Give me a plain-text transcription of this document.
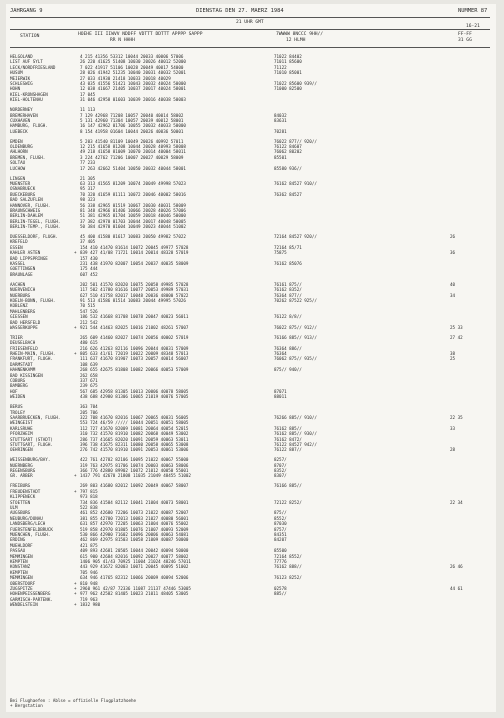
JAHRGANG 9	DIENSTAG DEN 27. MAERZ 1984	NUMMER 87
21 UHR GMT
16-21
STATION	HOEHE III IIWVV NDDFF VDTTT DDTTT APPPP SAPPP
RR N HHHH
7WWWW 8NCCC 9HH//
12 HLMH
FF-FF
31 GG
HELGOLAND	4 215 41356 53312 10044 20033 40006 57006	71022 84402
LIST AUF SYLT	26 220 41625 51408 10030 20026 40012 52000	71011 85600
LECK/NORDFRIESLAND	7 022 41917 51106 10028 20049 40017 54000	71122
HUSUM	28 026 41942 51235 10040 20031 40032 52001	71010 85001
MEIERWIK	27 033 41930 21418 10033 20018 40029
SCHLESWIG	43 035 41556 51421 10043 20032 40024 50000	71022 85600 939//
HOHN	12 038 41667 21405 10037 20017 40024 58001	71000 82500
KIEL-KRONSHAGEN	17 045
KIEL-HOLTENAU	31 046 42958 01603 10039 20016 40038 50003
NORDERNEY	11 113
BREMERHAVEN	7 129 42968 71208 10057 20040 40014 58002	84032
CUXHAVEN	5 131 42960 71304 10057 20039 40012 58001	83631
HAMBURG, FLUGH.	16 147 42962 01706 10055 20032 40033 50000
LUEBECK	8 154 41958 01604 10044 20026 40036 50001	70281
EMDEN	5 203 41540 81109 10049 20026 40992 57011	76022 877// 920//
OLDENBURG	12 215 41658 81208 10044 20028 40993 58008	76122 84607
AHLHORN	49 218 41658 81009 10070 20014 40004 58011	76062 80202
BREMEN, FLUGH.	3 224 42762 71206 10007 20027 40029 58009	85501
SOLTAU	77 233
LUCHOW	17 263 42662 51404 10050 20032 40044 58001	85580 936//
LINGEN	21 305
MUENSTER	63 313 41565 81209 10074 20049 49998 57023	76162 84527 910//
OSNABRUECK	95 317
BUECKEBURG	70 320 41659 81111 10072 20046 40002 58016	76362 84527
BAD SALZUFLEN	98 323
HANNOVER, FLUGH.	56 338 42965 01519 10067 20030 40031 58009
BRAUNSCHWEIG	81 348 42966 01406 10066 20028 40026 57006
BERLIN-DAHLEM	51 381 42965 01704 10059 20018 40046 50000
BERLIN-TEGEL, FLUGH.	37 382 42970 01703 10044 20017 40048 50005
BERLIN-TEMP., FLUGH.	50 384 42970 01604 10049 20023 40044 51002
DUESSELDORF, FLUGH.	45 400 41580 81617 10083 20050 49982 57022	72164 84527 920//	26
KREFELD	37 405
ESSEN	154 410 41470 81614 10072 20045 49977 57028	72164 85/71
KAHLER ASTEN	+ 839 427 41/08 71721 10014 20014 48328 57019	75875	36
BAD LIPPSPRINGE	157 430
KASSEL	231 438 41970 82007 10054 20037 40035 58009	76162 85076
GOETTINGEN	175 444
BRAUNLAGE	607 452
AACHEN	202 501 41570 82020 10075 20058 49985 57028	76161 875//	40
NUERVENICH	117 502 41780 81616 10077 20053 49989 57031	76162 8352/
NUERBURG	627 510 41758 82017 10048 20036 48000 57022	76364 877//	34
KOELN-BONN, FLUGH.	91 513 41586 81514 10083 20044 49995 57026	70262 87522 925//
KOBLENZ	70 515
MAHLENBERG	547 526
GIESSEN	186 532 41668 81708 10078 20047 40023 56011	76122 8/8//
BAD HERSFELD	212 542
WASSERKUPPE	+ 921 544 41463 82025 10016 21002 48261 57007	76022 875// 912//	25 33
TRIER	265 609 41460 82027 10074 20056 40002 57019	76166 885// 913//	27 42
DEUSELBACH	480 615
FRIESENFELD	216 626 41263 82116 10096 20044 40031 57009	76364 886//
RHEIN-MAIN, FLUGH.	+ 805 633 41/61 72019 10022 20009 48348 57013	76364	38
FRANKFURT, FLUGH.	111 637 41670 81907 10073 20057 40014 56007	76062 875// 935//	25
DARMSTADT	108 639
HAHNENKAMM	268 655 42675 81808 10082 20066 40053 57009	875// 940//
BAD KISSINGEN	262 658
COBURG	337 671
BAMBERG	239 675
HOF	567 685 42958 81305 10013 20006 40078 58005	87071
WEIDEN	438 688 42980 81306 10065 21019 40076 57005	88011
BERUS	363 704
TROLEY	205 706
SAARBRUECKEN, FLUGH.	322 708 41670 82016 10067 20065 40031 56005	76266 885// 910//	22 35
WEINGEIST	553 724 46/59 ///// 10044 20051 40051 58005
KARLSRUHE	112 727 41670 82009 10081 20064 40054 52015	76162 885//	33
PFORZHEIM	310 732 41570 81910 10082 20068 40049 53002	76162 885// 930//
STUTTGART (STADT)	286 737 41665 82020 10091 20059 40063 53011	76162 8472/
STUTTGART, FLUGH.	396 738 41675 82311 10080 20058 40065 53008	76122 84527 942//
OEHRINGEN	276 742 41570 81910 10091 20053 40061 53006	76122 887//	28
WEISSENBURG/BAY.	422 761 42782 82106 10095 21022 40067 55000	8257/
NUERNBERG	319 763 42975 81706 10074 20003 40063 58006	8707/
REGENSBURG	366 776 42880 89902 10072 21012 40050 55001	8352/
GR. ARBER	+ 1437 791 42670 21808 11035 21049 48455 51002	8307/
FREIBURG	269 803 41680 82012 10092 20049 40067 58007	76166 885//
FREUDENSTADT	+ 797 815
KLIPPENECK	973 818
STOETTEN	734 836 41584 82112 10041 21004 40073 58001	72122 8252/	22 34
ULM	522 838
AUGSBURG	461 852 42680 72206 10073 21022 40087 52007	875//
NEUBURG/DONAU	381 855 42780 72013 10083 21027 40080 56001	8552/
LANDSBERG/LECH	631 857 42970 72205 10063 21004 40076 55002	87030
FUERSTENFELDBRUCK	519 858 42970 81805 10076 21007 40093 52009	8757/
MUENCHEN, FLUGH.	530 866 42980 71602 10096 20006 40063 54081	84351
ERDING	462 869 42975 81503 10058 21009 40087 50000	84207
MUEHLDORF	421 875
PASSAU	409 893 42681 20505 10044 20042 40094 50000	85500
MEMMINGEN	615 900 42684 82016 10092 20027 40077 58002	72164 8552/
KEMPTEN	1406 905 41/43 70925 11004 21024 48246 57011	77776
KONSTANZ	443 929 41672 82003 10071 20045 40095 51002	76162 888//	26 46
KEMPTEN	705 946
MEMMINGEN	634 946 41765 82312 10066 20009 40094 52006	76123 8252/
OBERSTDORF	+ 810 948
ZUGSPITZE	+ 2960 961 42/87 72336 11087 21137 47446 53005	02578	44 61
HOHENPEISSENBERG	+ 977 962 42582 81405 10023 21011 48405 53005	885//
GARMISCH-PARTENK.	719 963
WENDELSTEIN	+ 1832 980
Bei Flughaefen : Ablse = offizielle Flugplatzhoehe
+ Bergstation
